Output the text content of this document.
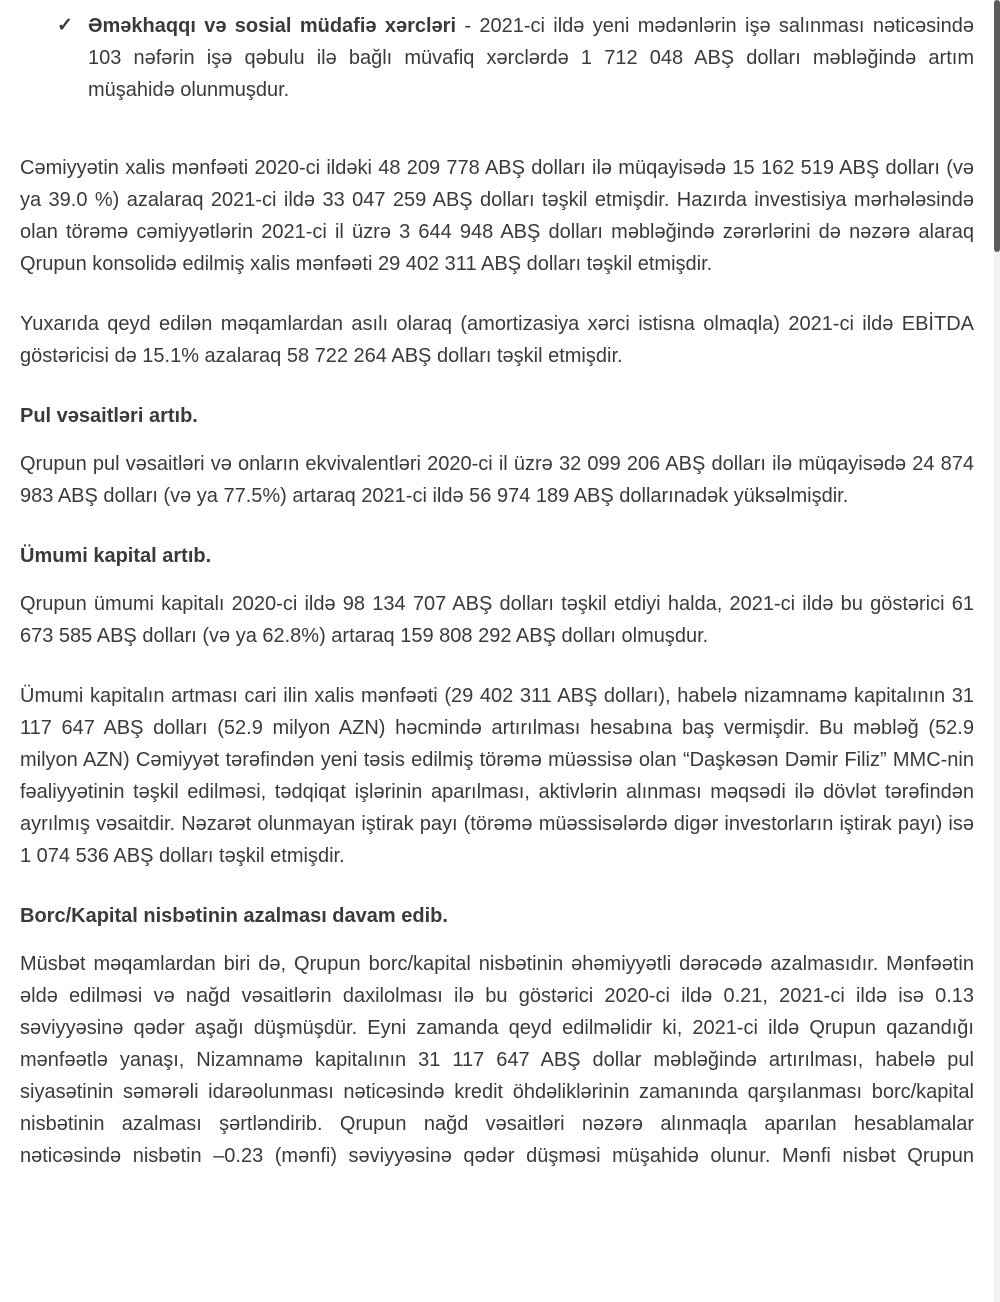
✓ Əməkhaqqı və sosial müdafiə xərcləri - 2021-ci ildə yeni mədənlərin işə salınması nəticəsində 103 nəfərin işə qəbulu ilə bağlı müvafiq xərclərdə 1 712 048 ABŞ dolları məbləğində artım müşahidə olunmuşdur.

Cəmiyyətin xalis mənfəəti 2020-ci ildəki 48 209 778 ABŞ dolları ilə müqayisədə 15 162 519 ABŞ dolları (və ya 39.0 %) azalaraq 2021-ci ildə 33 047 259 ABŞ dolları təşkil etmişdir. Hazırda investisiya mərhələsində olan törəmə cəmiyyətlərin 2021-ci il üzrə 3 644 948 ABŞ dolları məbləğində zərərlərini də nəzərə alaraq Qrupun konsolidə edilmiş xalis mənfəəti 29 402 311 ABŞ dolları təşkil etmişdir.

Yuxarıda qeyd edilən məqamlardan asılı olaraq (amortizasiya xərci istisna olmaqla) 2021-ci ildə EBİTDA göstəricisi də 15.1% azalaraq 58 722 264 ABŞ dolları təşkil etmişdir.

Pul vəsaitləri artıb.

Qrupun pul vəsaitləri və onların ekvivalentləri 2020-ci il üzrə 32 099 206 ABŞ dolları ilə müqayisədə 24 874 983 ABŞ dolları (və ya 77.5%) artaraq 2021-ci ildə 56 974 189 ABŞ dollarınadək yüksəlmişdir.

Ümumi kapital artıb.

Qrupun ümumi kapitalı 2020-ci ildə 98 134 707 ABŞ dolları təşkil etdiyi halda, 2021-ci ildə bu göstərici 61 673 585 ABŞ dolları (və ya 62.8%) artaraq 159 808 292 ABŞ dolları olmuşdur.

Ümumi kapitalın artması cari ilin xalis mənfəəti (29 402 311 ABŞ dolları), habelə nizamnamə kapitalının 31 117 647 ABŞ dolları (52.9 milyon AZN) həcmində artırılması hesabına baş vermişdir. Bu məbləğ (52.9 milyon AZN) Cəmiyyət tərəfindən yeni təsis edilmiş törəmə müəssisə olan “Daşkəsən Dəmir Filiz” MMC-nin fəaliyyətinin təşkil edilməsi, tədqiqat işlərinin aparılması, aktivlərin alınması məqsədi ilə dövlət tərəfindən ayrılmış vəsaitdir. Nəzarət olunmayan iştirak payı (törəmə müəssisələrdə digər investorların iştirak payı) isə 1 074 536 ABŞ dolları təşkil etmişdir.

Borc/Kapital nisbətinin azalması davam edib.

Müsbət məqamlardan biri də, Qrupun borc/kapital nisbətinin əhəmiyyətli dərəcədə azalmasıdır. Mənfəətin əldə edilməsi və nağd vəsaitlərin daxilolması ilə bu göstərici 2020-ci ildə 0.21, 2021-ci ildə isə 0.13 səviyyəsinə qədər aşağı düşmüşdür. Eyni zamanda qeyd edilməlidir ki, 2021-ci ildə Qrupun qazandığı mənfəətlə yanaşı, Nizamnamə kapitalının 31 117 647 ABŞ dollar məbləğində artırılması, habelə pul siyasətinin səmərəli idarəolunması nəticəsində kredit öhdəliklərinin zamanında qarşılanması borc/kapital nisbətinin azalması şərtləndirib. Qrupun nağd vəsaitləri nəzərə alınmaqla aparılan hesablamalar nəticəsində nisbətin –0.23 (mənfi) səviyyəsinə qədər düşməsi müşahidə olunur. Mənfi nisbət Qrupun
